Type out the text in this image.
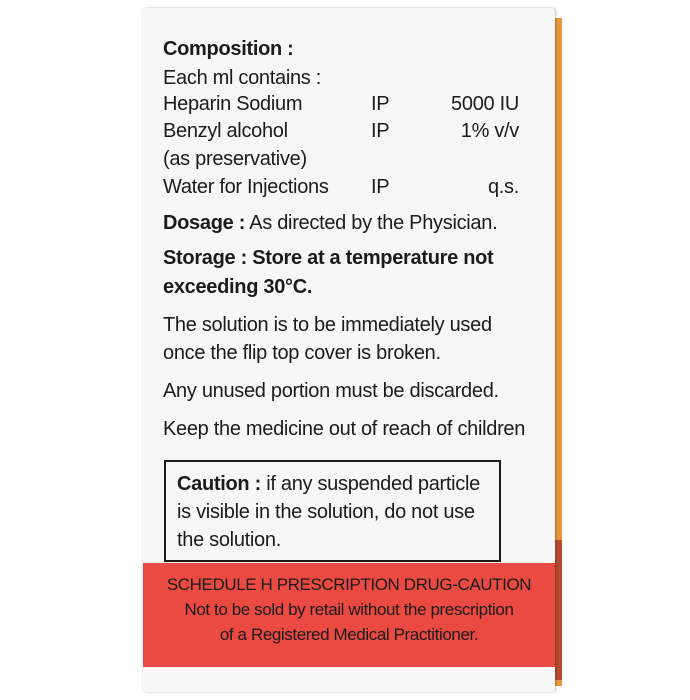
Composition :
Each ml contains :
Heparin Sodium	IP	5000 IU
Benzyl alcohol	IP	1% v/v
(as preservative)
Water for Injections IP	q.s.
Dosage : As directed by the Physician.
Storage : Store at a temperature not
exceeding 30°C.
The solution is to be immediately used
once the flip top cover is broken.
Any unused portion must be discarded.
Keep the medicine out of reach of children
Caution : if any suspended particle
is visible in the solution, do not use
the solution.
SCHEDULE H PRESCRIPTION DRUG-CAUTION
Not to be sold by retail without the prescription
of a Registered Medical Practitioner.
